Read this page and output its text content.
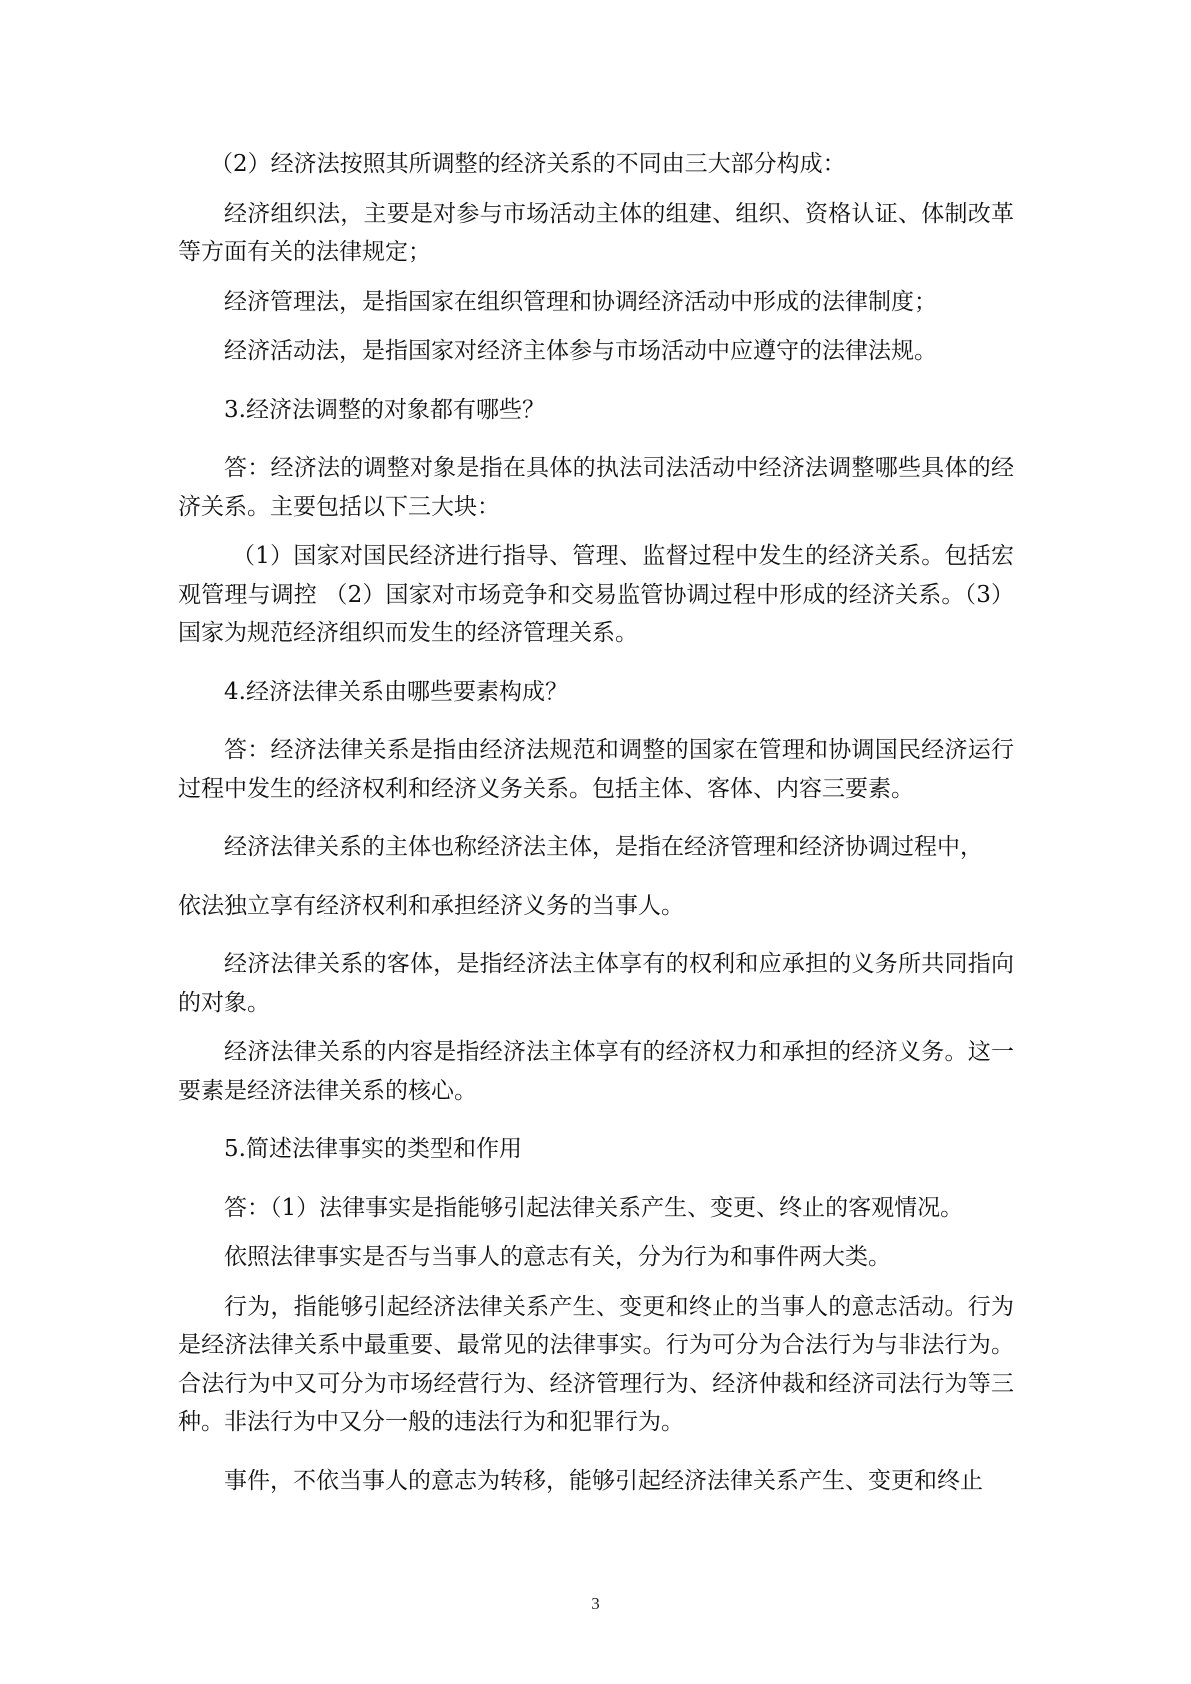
（2）经济法按照其所调整的经济关系的不同由三大部分构成：

经济组织法，主要是对参与市场活动主体的组建、组织、资格认证、体制改革等方面有关的法律规定；

经济管理法，是指国家在组织管理和协调经济活动中形成的法律制度；

经济活动法，是指国家对经济主体参与市场活动中应遵守的法律法规。

3.经济法调整的对象都有哪些？

答：经济法的调整对象是指在具体的执法司法活动中经济法调整哪些具体的经济关系。主要包括以下三大块：

（1）国家对国民经济进行指导、管理、监督过程中发生的经济关系。包括宏观管理与调控 （2）国家对市场竞争和交易监管协调过程中形成的经济关系。（3）国家为规范经济组织而发生的经济管理关系。

4.经济法律关系由哪些要素构成？

答：经济法律关系是指由经济法规范和调整的国家在管理和协调国民经济运行过程中发生的经济权利和经济义务关系。包括主体、客体、内容三要素。

经济法律关系的主体也称经济法主体，是指在经济管理和经济协调过程中，

依法独立享有经济权利和承担经济义务的当事人。

经济法律关系的客体，是指经济法主体享有的权利和应承担的义务所共同指向的对象。

经济法律关系的内容是指经济法主体享有的经济权力和承担的经济义务。这一要素是经济法律关系的核心。

5.简述法律事实的类型和作用

答：（1）法律事实是指能够引起法律关系产生、变更、终止的客观情况。

依照法律事实是否与当事人的意志有关，分为行为和事件两大类。

行为，指能够引起经济法律关系产生、变更和终止的当事人的意志活动。行为是经济法律关系中最重要、最常见的法律事实。行为可分为合法行为与非法行为。合法行为中又可分为市场经营行为、经济管理行为、经济仲裁和经济司法行为等三种。非法行为中又分一般的违法行为和犯罪行为。

事件，不依当事人的意志为转移，能够引起经济法律关系产生、变更和终止

3
